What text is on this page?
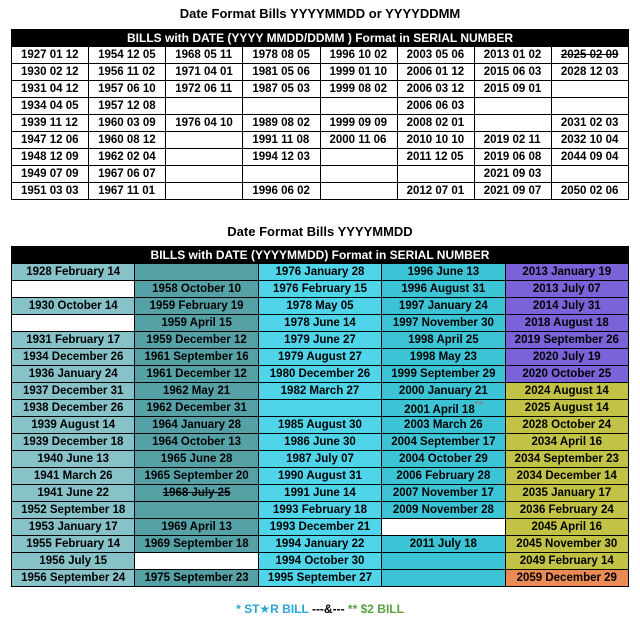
Date Format Bills YYYYMMDD or YYYYDDMM
BILLS with DATE (YYYY MMDD/DDMM ) Format in SERIAL NUMBER							
1927 01 12	1954 12 05	1968 05 11	1978 08 05	1996 10 02	2003 05 06	2013 01 02	2025 02 09
1930 02 12	1956 11 02	1971 04 01	1981 05 06	1999 01 10	2006 01 12	2015 06 03	2028 12 03
1931 04 12	1957 06 10	1972 06 11	1987 05 03	1999 08 02	2006 03 12	2015 09 01	
1934 04 05	1957 12 08				2006 06 03		
1939 11 12	1960 03 09	1976 04 10	1989 08 02	1999 09 09	2008 02 01		2031 02 03
1947 12 06	1960 08 12		1991 11 08	2000 11 06	2010 10 10	2019 02 11	2032 10 04
1948 12 09	1962 02 04		1994 12 03		2011 12 05	2019 06 08	2044 09 04
1949 07 09	1967 06 07					2021 09 03	
1951 03 03	1967 11 01		1996 06 02		2012 07 01	2021 09 07	2050 02 06
Date Format Bills YYYYMMDD
BILLS with DATE (YYYYMMDD) Format in SERIAL NUMBER				
1928 February 14		1976 January 28	1996 June 13	2013 January 19
	1958 October 10	1976 February 15	1996 August 31	2013 July 07
1930 October 14	1959 February 19	1978 May 05	1997 January 24	2014 July 31
	1959 April 15	1978 June 14	1997 November 30	2018 August 18
1931 February 17	1959 December 12	1979 June 27	1998 April 25	2019 September 26
1934 December 26	1961 September 16	1979 August 27	1998 May 23	2020 July 19
1936 January 24	1961 December 12	1980 December 26	1999 September 29	2020 October 25
1937 December 31	1962 May 21	1982 March 27	2000 January 21	2024 August 14
1938 December 26	1962 December 31		2001 April 18**	2025 August 14
1939 August 14	1964 January 28	1985 August 30	2003 March 26	2028 October 24
1939 December 18	1964 October 13	1986 June 30	2004 September 17	2034 April 16
1940 June 13	1965 June 28	1987 July 07	2004 October 29	2034 September 23
1941 March 26	1965 September 20	1990 August 31	2006 February 28	2034 December 14
1941 June 22	1968 July 25	1991 June 14	2007 November 17	2035 January 17
1952 September 18		1993 February 18	2009 November 28	2036 February 24
1953 January 17	1969 April 13	1993 December 21		2045 April 16
1955 February 14	1969 September 18	1994 January 22	2011 July 18	2045 November 30
1956 July 15		1994 October 30		2049 February 14
1956 September 24	1975 September 23	1995 September 27		2059 December 29
* ST★R BILL ---&--- ** $2 BILL
